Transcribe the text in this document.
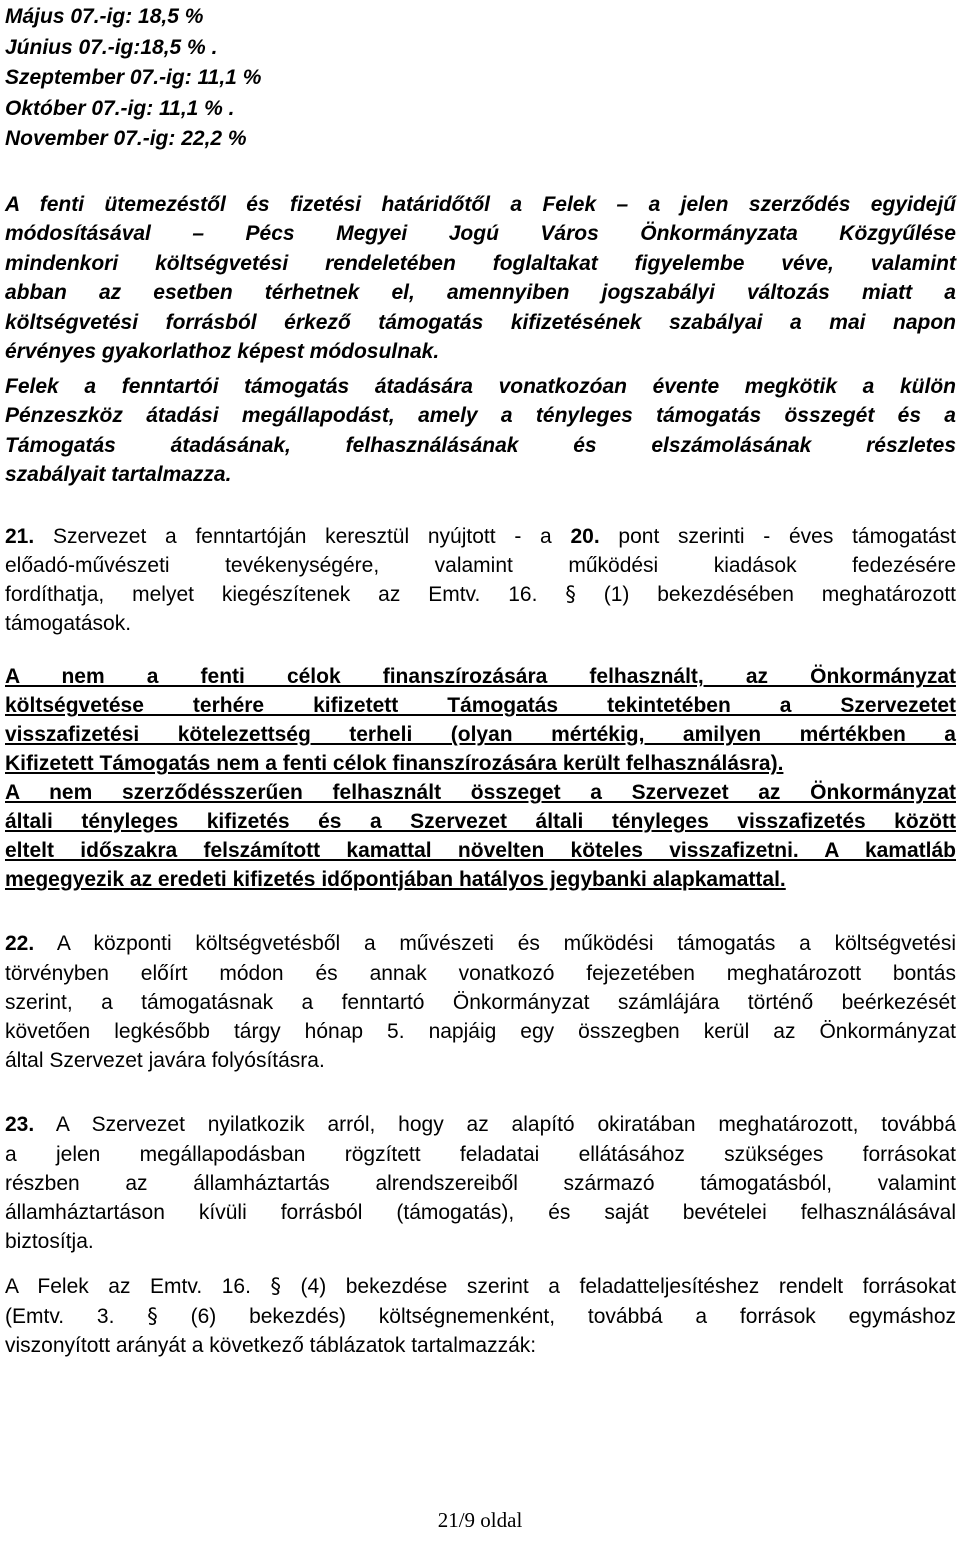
Május 07.-ig: 18,5 %
Június 07.-ig:18,5 % .
Szeptember 07.-ig: 11,1 %
Október 07.-ig: 11,1 % .
November 07.-ig: 22,2 %
A fenti ütemezéstől és fizetési határidőtől a Felek – a jelen szerződés egyidejű
módosításával – Pécs Megyei Jogú Város Önkormányzata Közgyűlése
mindenkori költségvetési rendeletében foglaltakat figyelembe véve, valamint
abban az esetben térhetnek el, amennyiben jogszabályi változás miatt a
költségvetési forrásból érkező támogatás kifizetésének szabályai a mai napon
érvényes gyakorlathoz képest módosulnak.
Felek a fenntartói támogatás átadására vonatkozóan évente megkötik a külön
Pénzeszköz átadási megállapodást, amely a tényleges támogatás összegét és a
Támogatás átadásának, felhasználásának és elszámolásának részletes
szabályait tartalmazza.
21. Szervezet a fenntartóján keresztül nyújtott - a 20. pont szerinti - éves támogatást
előadó-művészeti tevékenységére, valamint működési kiadások fedezésére
fordíthatja, melyet kiegészítenek az Emtv. 16. § (1) bekezdésében meghatározott
támogatások.
A nem a fenti célok finanszírozására felhasznált, az Önkormányzat
költségvetése terhére kifizetett Támogatás tekintetében a Szervezetet
visszafizetési kötelezettség terheli (olyan mértékig, amilyen mértékben a
Kifizetett Támogatás nem a fenti célok finanszírozására került felhasználásra).
A nem szerződésszerűen felhasznált összeget a Szervezet az Önkormányzat
általi tényleges kifizetés és a Szervezet általi tényleges visszafizetés között
eltelt időszakra felszámított kamattal növelten köteles visszafizetni. A kamatláb
megegyezik az eredeti kifizetés időpontjában hatályos jegybanki alapkamattal.
22. A központi költségvetésből a művészeti és működési támogatás a költségvetési
törvényben előírt módon és annak vonatkozó fejezetében meghatározott bontás
szerint, a támogatásnak a fenntartó Önkormányzat számlájára történő beérkezését
követően legkésőbb tárgy hónap 5. napjáig egy összegben kerül az Önkormányzat
által Szervezet javára folyósításra.
23. A Szervezet nyilatkozik arról, hogy az alapító okiratában meghatározott, továbbá
a jelen megállapodásban rögzített feladatai ellátásához szükséges forrásokat
részben az államháztartás alrendszereiből származó támogatásból, valamint
államháztartáson kívüli forrásból (támogatás), és saját bevételei felhasználásával
biztosítja.
A Felek az Emtv. 16. § (4) bekezdése szerint a feladatteljesítéshez rendelt forrásokat
(Emtv. 3. § (6) bekezdés) költségnemenként, továbbá a források egymáshoz
viszonyított arányát a következő táblázatok tartalmazzák:
21/9 oldal
